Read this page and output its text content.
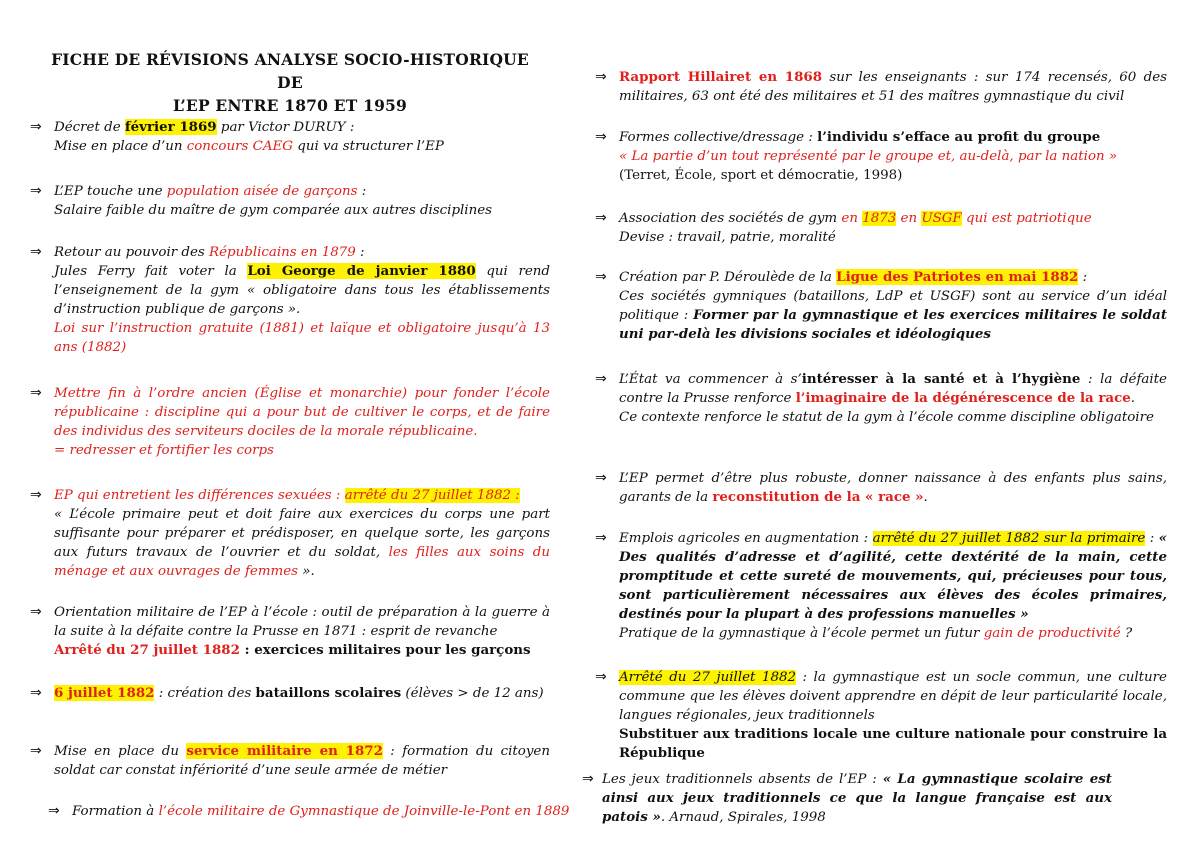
FICHE DE RÉVISIONS ANALYSE SOCIO-HISTORIQUE DE
L’EP ENTRE 1870 ET 1959
⇒ Décret de février 1869 par Victor DURUY :
Mise en place d’un concours CAEG qui va structurer l’EP
⇒ L’EP touche une population aisée de garçons :
Salaire faible du maître de gym comparée aux autres disciplines
⇒ Retour au pouvoir des Républicains en 1879 :
Jules Ferry fait voter la Loi George de janvier 1880 qui rend l’enseignement de la gym « obligatoire dans tous les établissements d’instruction publique de garçons ».
Loi sur l’instruction gratuite (1881) et laïque et obligatoire jusqu’à 13 ans (1882)
⇒ Mettre fin à l’ordre ancien (Église et monarchie) pour fonder l’école républicaine : discipline qui a pour but de cultiver le corps, et de faire des individus des serviteurs dociles de la morale républicaine.
= redresser et fortifier les corps
⇒ EP qui entretient les différences sexuées : arrêté du 27 juillet 1882 :
« L’école primaire peut et doit faire aux exercices du corps une part suffisante pour préparer et prédisposer, en quelque sorte, les garçons aux futurs travaux de l’ouvrier et du soldat, les filles aux soins du ménage et aux ouvrages de femmes ».
⇒ Orientation militaire de l’EP à l’école : outil de préparation à la guerre à la suite à la défaite contre la Prusse en 1871 : esprit de revanche
Arrêté du 27 juillet 1882 : exercices militaires pour les garçons
⇒ 6 juillet 1882 : création des bataillons scolaires (élèves > de 12 ans)
⇒ Mise en place du service militaire en 1872 : formation du citoyen soldat car constat infériorité d’une seule armée de métier
⇒ Formation à l’école militaire de Gymnastique de Joinville-le-Pont en 1889
⇒ Rapport Hillairet en 1868 sur les enseignants : sur 174 recensés, 60 des militaires, 63 ont été des militaires et 51 des maîtres gymnastique du civil
⇒ Formes collective/dressage : l’individu s’efface au profit du groupe
« La partie d’un tout représenté par le groupe et, au-delà, par la nation »
(Terret, École, sport et démocratie, 1998)
⇒ Association des sociétés de gym en 1873 en USGF qui est patriotique
Devise : travail, patrie, moralité
⇒ Création par P. Déroulède de la Ligue des Patriotes en mai 1882 :
Ces sociétés gymniques (bataillons, LdP et USGF) sont au service d’un idéal politique : Former par la gymnastique et les exercices militaires le soldat uni par-delà les divisions sociales et idéologiques
⇒ L’État va commencer à s’intéresser à la santé et à l’hygiène : la défaite contre la Prusse renforce l’imaginaire de la dégénérescence de la race.
Ce contexte renforce le statut de la gym à l’école comme discipline obligatoire
⇒ L’EP permet d’être plus robuste, donner naissance à des enfants plus sains, garants de la reconstitution de la « race ».
⇒ Emplois agricoles en augmentation : arrêté du 27 juillet 1882 sur la primaire : « Des qualités d’adresse et d’agilité, cette dextérité de la main, cette promptitude et cette sureté de mouvements, qui, précieuses pour tous, sont particulièrement nécessaires aux élèves des écoles primaires, destinés pour la plupart à des professions manuelles »
Pratique de la gymnastique à l’école permet un futur gain de productivité ?
⇒ Arrêté du 27 juillet 1882 : la gymnastique est un socle commun, une culture commune que les élèves doivent apprendre en dépit de leur particularité locale, langues régionales, jeux traditionnels
Substituer aux traditions locale une culture nationale pour construire la République
⇒ Les jeux traditionnels absents de l’EP : « La gymnastique scolaire est ainsi aux jeux traditionnels ce que la langue française est aux patois ». Arnaud, Spirales, 1998
